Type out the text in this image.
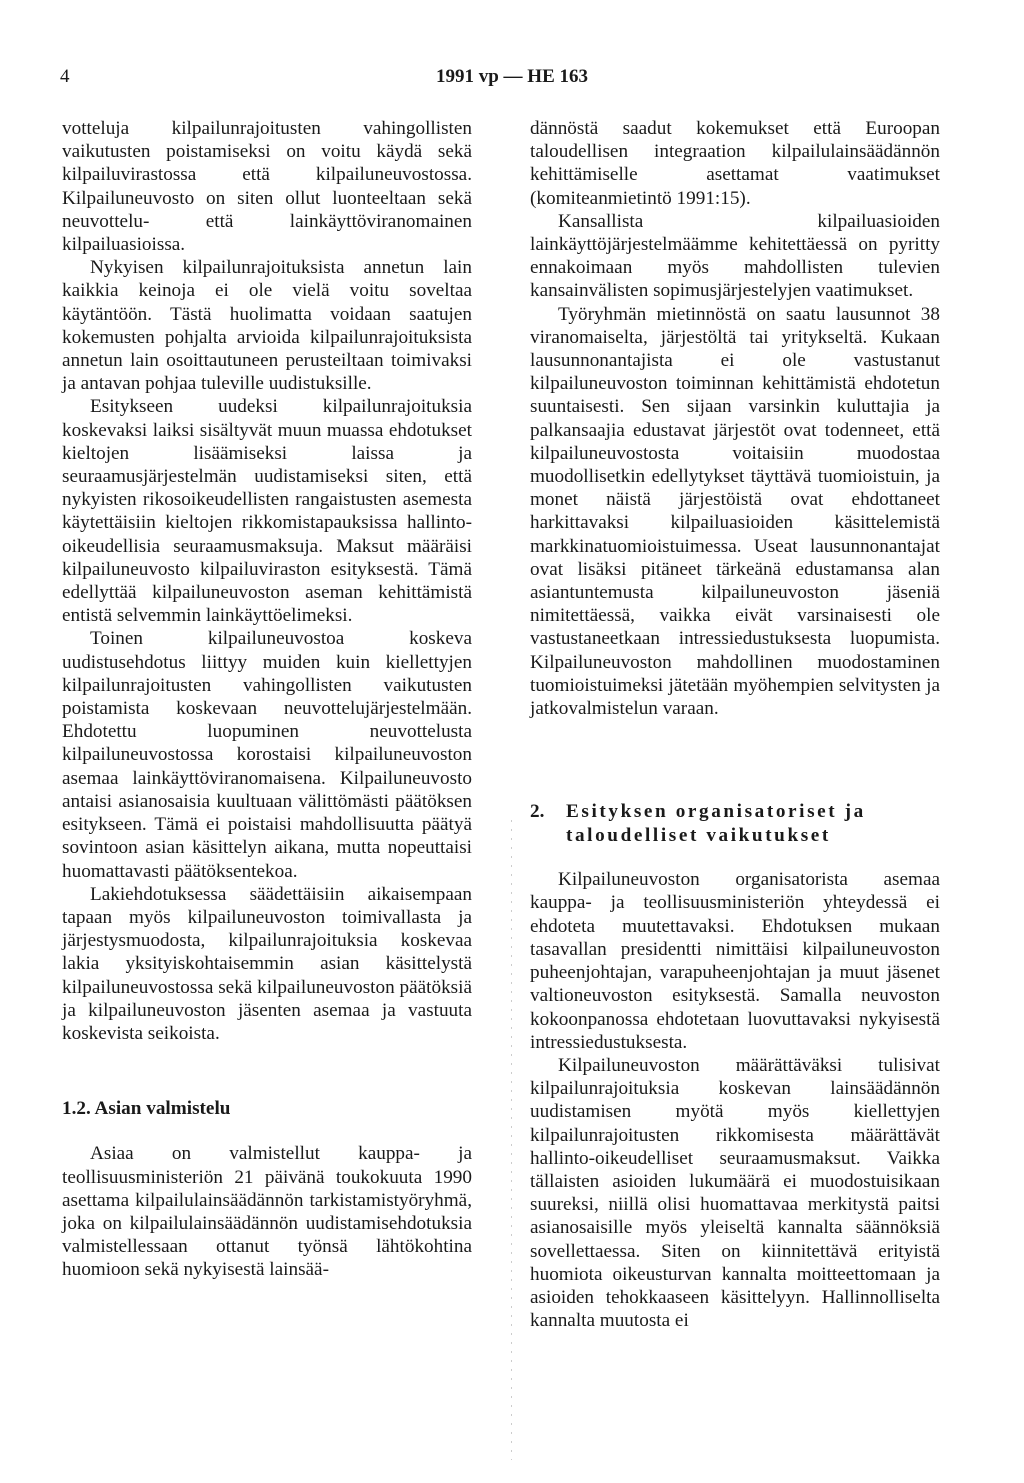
4	1991 vp — HE 163

votteluja kilpailunrajoitusten vahingollisten vaikutusten poistamiseksi on voitu käydä sekä kilpailuvirastossa että kilpailuneuvostossa. Kilpailuneuvosto on siten ollut luonteeltaan sekä neuvottelu- että lainkäyttöviranomainen kilpailuasioissa.

Nykyisen kilpailunrajoituksista annetun lain kaikkia keinoja ei ole vielä voitu soveltaa käytäntöön. Tästä huolimatta voidaan saatujen kokemusten pohjalta arvioida kilpailunrajoituksista annetun lain osoittautuneen perusteiltaan toimivaksi ja antavan pohjaa tuleville uudistuksille.

Esitykseen uudeksi kilpailunrajoituksia koskevaksi laiksi sisältyvät muun muassa ehdotukset kieltojen lisäämiseksi laissa ja seuraamusjärjestelmän uudistamiseksi siten, että nykyisten rikosoikeudellisten rangaistusten asemesta käytettäisiin kieltojen rikkomistapauksissa hallinto-oikeudellisia seuraamusmaksuja. Maksut määräisi kilpailuneuvosto kilpailuviraston esityksestä. Tämä edellyttää kilpailuneuvoston aseman kehittämistä entistä selvemmin lainkäyttöelimeksi.

Toinen kilpailuneuvostoa koskeva uudistusehdotus liittyy muiden kuin kiellettyjen kilpailunrajoitusten vahingollisten vaikutusten poistamista koskevaan neuvottelujärjestelmään. Ehdotettu luopuminen neuvottelusta kilpailuneuvostossa korostaisi kilpailuneuvoston asemaa lainkäyttöviranomaisena. Kilpailuneuvosto antaisi asianosaisia kuultuaan välittömästi päätöksen esitykseen. Tämä ei poistaisi mahdollisuutta päätyä sovintoon asian käsittelyn aikana, mutta nopeuttaisi huomattavasti päätöksentekoa.

Lakiehdotuksessa säädettäisiin aikaisempaan tapaan myös kilpailuneuvoston toimivallasta ja järjestysmuodosta, kilpailunrajoituksia koskevaa lakia yksityiskohtaisemmin asian käsittelystä kilpailuneuvostossa sekä kilpailuneuvoston päätöksiä ja kilpailuneuvoston jäsenten asemaa ja vastuuta koskevista seikoista.

1.2. Asian valmistelu

Asiaa on valmistellut kauppa- ja teollisuusministeriön 21 päivänä toukokuuta 1990 asettama kilpailulainsäädännön tarkistamistyöryhmä, joka on kilpailulainsäädännön uudistamisehdotuksia valmistellessaan ottanut työnsä lähtökohtina huomioon sekä nykyisestä lainsää-

dännöstä saadut kokemukset että Euroopan taloudellisen integraation kilpailulainsäädännön kehittämiselle asettamat vaatimukset (komiteanmietintö 1991:15).

Kansallista kilpailuasioiden lainkäyttöjärjestelmäämme kehitettäessä on pyritty ennakoimaan myös mahdollisten tulevien kansainvälisten sopimusjärjestelyjen vaatimukset.

Työryhmän mietinnöstä on saatu lausunnot 38 viranomaiselta, järjestöltä tai yritykseltä. Kukaan lausunnonantajista ei ole vastustanut kilpailuneuvoston toiminnan kehittämistä ehdotetun suuntaisesti. Sen sijaan varsinkin kuluttajia ja palkansaajia edustavat järjestöt ovat todenneet, että kilpailuneuvostosta voitaisiin muodostaa muodollisetkin edellytykset täyttävä tuomioistuin, ja monet näistä järjestöistä ovat ehdottaneet harkittavaksi kilpailuasioiden käsittelemistä markkinatuomioistuimessa. Useat lausunnonantajat ovat lisäksi pitäneet tärkeänä edustamansa alan asiantuntemusta kilpailuneuvoston jäseniä nimitettäessä, vaikka eivät varsinaisesti ole vastustaneetkaan intressiedustuksesta luopumista. Kilpailuneuvoston mahdollinen muodostaminen tuomioistuimeksi jätetään myöhempien selvitysten ja jatkovalmistelun varaan.

2.	Esityksen organisatoriset ja taloudelliset vaikutukset

Kilpailuneuvoston organisatorista asemaa kauppa- ja teollisuusministeriön yhteydessä ei ehdoteta muutettavaksi. Ehdotuksen mukaan tasavallan presidentti nimittäisi kilpailuneuvoston puheenjohtajan, varapuheenjohtajan ja muut jäsenet valtioneuvoston esityksestä. Samalla neuvoston kokoonpanossa ehdotetaan luovuttavaksi nykyisestä intressiedustuksesta.

Kilpailuneuvoston määrättäväksi tulisivat kilpailunrajoituksia koskevan lainsäädännön uudistamisen myötä myös kiellettyjen kilpailunrajoitusten rikkomisesta määrättävät hallinto-oikeudelliset seuraamusmaksut. Vaikka tällaisten asioiden lukumäärä ei muodostuisikaan suureksi, niillä olisi huomattavaa merkitystä paitsi asianosaisille myös yleiseltä kannalta säännöksiä sovellettaessa. Siten on kiinnitettävä erityistä huomiota oikeusturvan kannalta moitteettomaan ja asioiden tehokkaaseen käsittelyyn. Hallinnolliselta kannalta muutosta ei
